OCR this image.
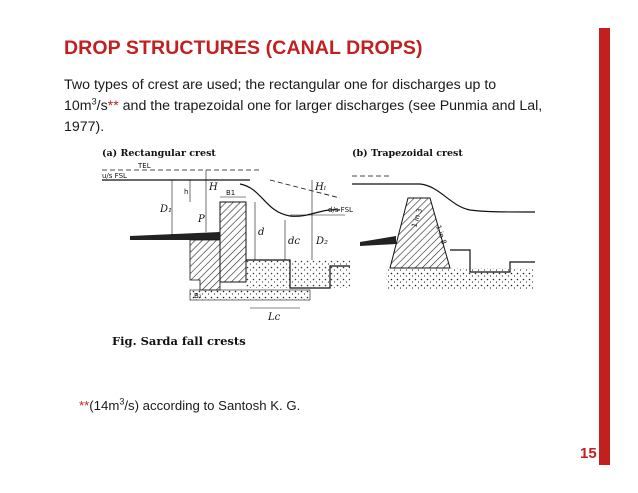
DROP STRUCTURES (CANAL DROPS)
Two types of crest are used; the rectangular one for discharges up to
$10m^3/s**$ and the trapezoidal one for larger discharges (see Punmia and Lal, 1977).
(a) Rectangular crest
u/s FSL
TEL
d/s FSL
D₁
h H B1	Hₗ
P
d
dᴄ D₂
Lᴄ
B₁
(b) Trapezoidal crest
1 in 3
1 in 8
Fig. Sarda fall crests
$**(14m^3/s)$ according to Santosh K. G.
15
